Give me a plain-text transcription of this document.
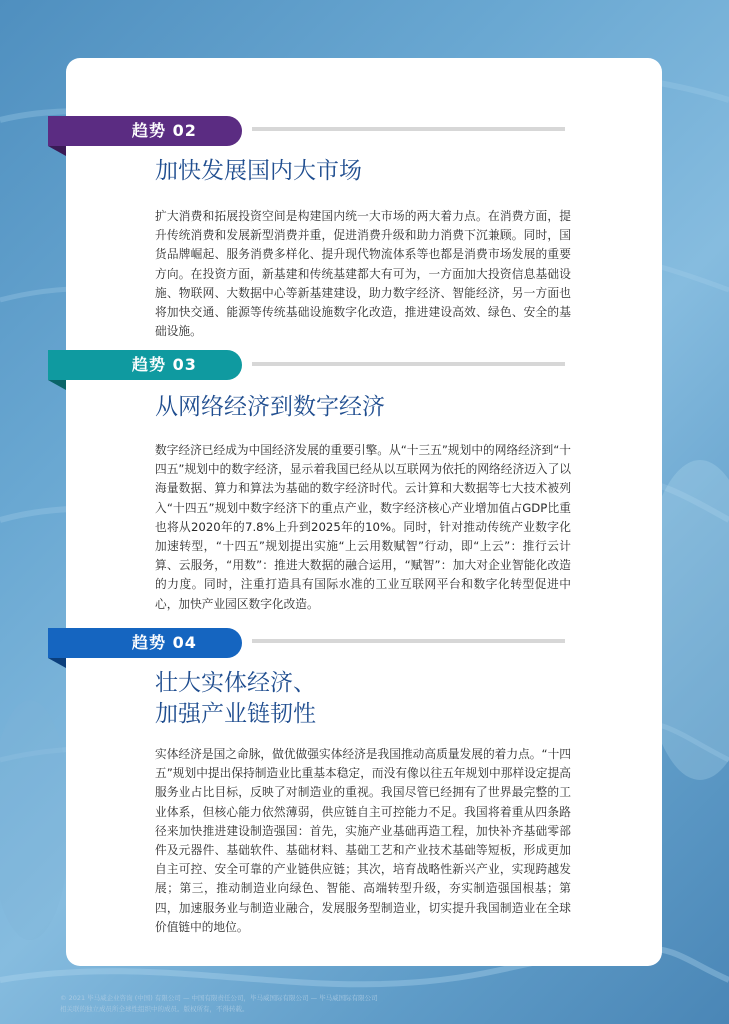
趋势 02
加快发展国内大市场

扩大消费和拓展投资空间是构建国内统一大市场的两大着力点。在消费方面，提升传统消费和发展新型消费并重，促进消费升级和助力消费下沉兼顾。同时，国货品牌崛起、服务消费多样化、提升现代物流体系等也都是消费市场发展的重要方向。在投资方面，新基建和传统基建都大有可为，一方面加大投资信息基础设施、物联网、大数据中心等新基建建设，助力数字经济、智能经济，另一方面也将加快交通、能源等传统基础设施数字化改造，推进建设高效、绿色、安全的基础设施。

趋势 03
从网络经济到数字经济

数字经济已经成为中国经济发展的重要引擎。从“十三五”规划中的网络经济到“十四五”规划中的数字经济，显示着我国已经从以互联网为依托的网络经济迈入了以海量数据、算力和算法为基础的数字经济时代。云计算和大数据等七大技术被列入“十四五”规划中数字经济下的重点产业，数字经济核心产业增加值占GDP比重也将从2020年的7.8%上升到2025年的10%。同时，针对推动传统产业数字化加速转型，“十四五”规划提出实施“上云用数赋智”行动，即“上云”：推行云计算、云服务，“用数”：推进大数据的融合运用，“赋智”：加大对企业智能化改造的力度。同时，注重打造具有国际水准的工业互联网平台和数字化转型促进中心，加快产业园区数字化改造。

趋势 04
壮大实体经济、
加强产业链韧性

实体经济是国之命脉，做优做强实体经济是我国推动高质量发展的着力点。“十四五”规划中提出保持制造业比重基本稳定，而没有像以往五年规划中那样设定提高服务业占比目标，反映了对制造业的重视。我国尽管已经拥有了世界最完整的工业体系，但核心能力依然薄弱，供应链自主可控能力不足。我国将着重从四条路径来加快推进建设制造强国：首先，实施产业基础再造工程，加快补齐基础零部件及元器件、基础软件、基础材料、基础工艺和产业技术基础等短板，形成更加自主可控、安全可靠的产业链供应链；其次，培育战略性新兴产业，实现跨越发展；第三，推动制造业向绿色、智能、高端转型升级，夯实制造强国根基；第四，加速服务业与制造业融合，发展服务型制造业，切实提升我国制造业在全球价值链中的地位。

© 2021 毕马威企业咨询 (中国) 有限公司 — 中国有限责任公司，毕马威国际有限公司 — 毕马威国际有限公司
相关联的独立成员所全球性组织中的成员。版权所有，不得转载。
